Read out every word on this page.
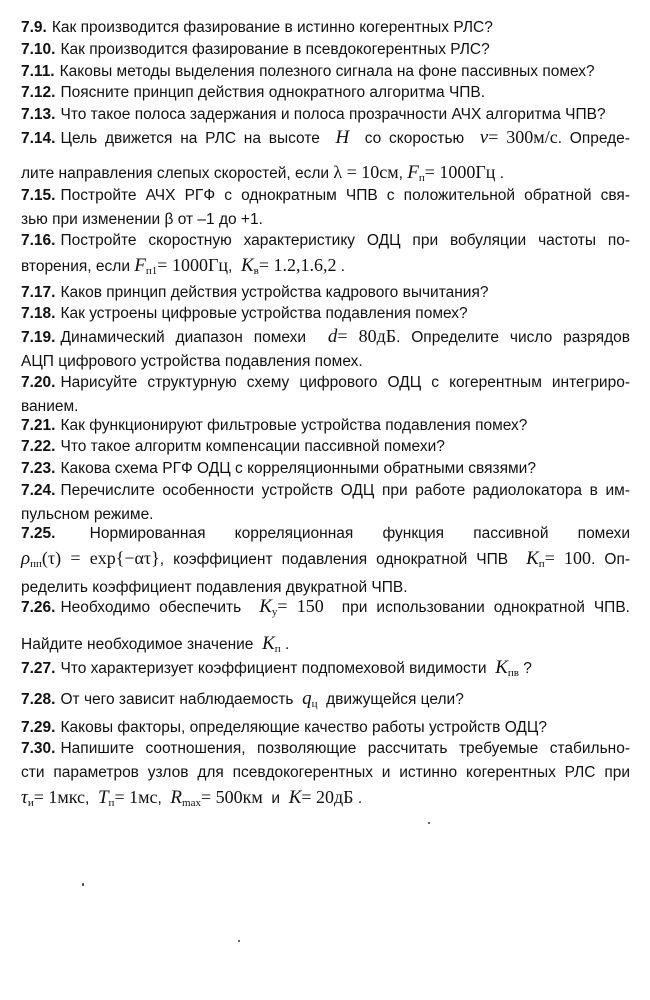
7.9. Как производится фазирование в истинно когерентных РЛС?

7.10. Как производится фазирование в псевдокогерентных РЛС?

7.11. Каковы методы выделения полезного сигнала на фоне пассивных помех?

7.12. Поясните принцип действия однократного алгоритма ЧПВ.

7.13. Что такое полоса задержания и полоса прозрачности АЧХ алгоритма ЧПВ?

7.14. Цель движется на РЛС на высоте H со скоростью v= 300м/с. Опреде-
лите направления слепых скоростей, если λ = 10см, $F_п= 1000Гц$ .
7.15. Постройте АЧХ РГФ с однократным ЧПВ с положительной обратной свя-
зью при изменении β от –1 до +1.
7.16. Постройте скоростную характеристику ОДЦ при вобуляции частоты по-
вторения, если $F_{п1}= 1000Гц$, $K_в= 1.2,1.6,2$ .

7.17. Каков принцип действия устройства кадрового вычитания?

7.18. Как устроены цифровые устройства подавления помех?

7.19. Динамический диапазон помехи d= 80дБ. Определите число разрядов
АЦП цифрового устройства подавления помех.
7.20. Нарисуйте структурную схему цифрового ОДЦ с когерентным интегриро-
ванием.

7.21. Как функционируют фильтровые устройства подавления помех?

7.22. Что такое алгоритм компенсации пассивной помехи?

7.23. Какова схема РГФ ОДЦ с корреляционными обратными связями?

7.24. Перечислите особенности устройств ОДЦ при работе радиолокатора в им-
пульсном режиме.
7.25. Нормированная корреляционная функция пассивной помехи
$\rho_{пп}(\tau) = \exp\{-\alpha\tau\}$, коэффициент подавления однократной ЧПВ $K_п= 100$. Оп-
ределить коэффициент подавления двукратной ЧПВ.
7.26. Необходимо обеспечить $K_у= 150$ при использовании однократной ЧПВ.
Найдите необходимое значение $K_п$ .

7.27. Что характеризует коэффициент подпомеховой видимости $K_{пв}$ ?

7.28. От чего зависит наблюдаемость $q_ц$ движущейся цели?

7.29. Каковы факторы, определяющие качество работы устройств ОДЦ?

7.30. Напишите соотношения, позволяющие рассчитать требуемые стабильно-
сти параметров узлов для псевдокогерентных и истинно когерентных РЛС при
$\tau_и= 1мкс$, $T_п= 1мс$, $R_{max}= 500км$ и K= 20дБ .
